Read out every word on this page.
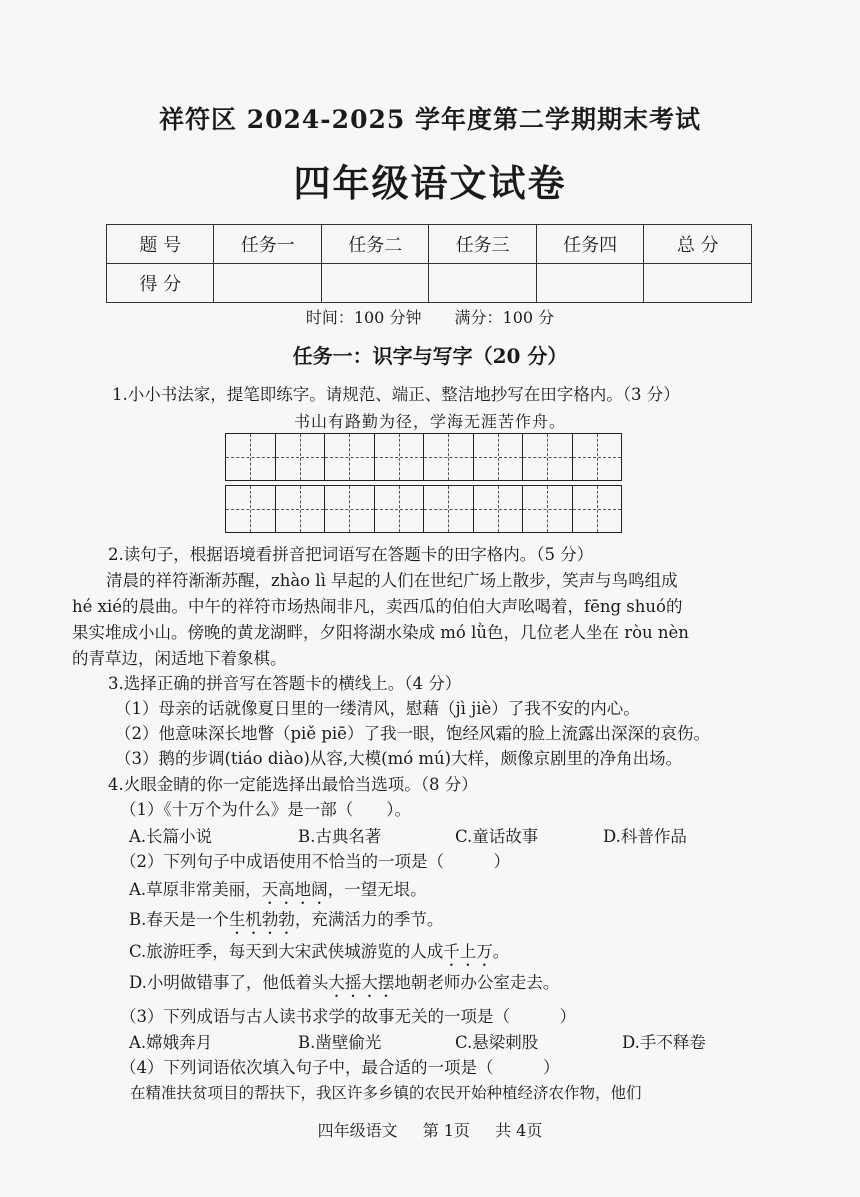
祥符区 2024-2025 学年度第二学期期末考试
四年级语文试卷
题 号	任务一	任务二	任务三	任务四	总 分
得 分					
时间：100 分钟 满分：100 分
任务一：识字与写字（20 分）
1.小小书法家，提笔即练字。请规范、端正、整洁地抄写在田字格内。（3 分）
书山有路勤为径，学海无涯苦作舟。
2.读句子，根据语境看拼音把词语写在答题卡的田字格内。（5 分）
清晨的祥符渐渐苏醒，zhào lì 早起的人们在世纪广场上散步，笑声与鸟鸣组成
hé xié的晨曲。中午的祥符市场热闹非凡，卖西瓜的伯伯大声吆喝着，fēng shuó的
果实堆成小山。傍晚的黄龙湖畔，夕阳将湖水染成 mó lǜ色，几位老人坐在 ròu nèn
的青草边，闲适地下着象棋。
3.选择正确的拼音写在答题卡的横线上。（4 分）
（1）母亲的话就像夏日里的一缕清风，慰藉（jì jiè）了我不安的内心。
（2）他意味深长地瞥（piě piē）了我一眼，饱经风霜的脸上流露出深深的哀伤。
（3）鹅的步调(tiáo diào)从容,大模(mó mú)大样，颇像京剧里的净角出场。
4.火眼金睛的你一定能选择出最恰当选项。（8 分）
（1）《十万个为什么》是一部（　　）。
A.长篇小说	B.古典名著	C.童话故事	D.科普作品
（2）下列句子中成语使用不恰当的一项是（　　　）
A.草原非常美丽，天高地阔，一望无垠。
B.春天是一个生机勃勃，充满活力的季节。
C.旅游旺季，每天到大宋武侠城游览的人成千上万。
D.小明做错事了，他低着头大摇大摆地朝老师办公室走去。
（3）下列成语与古人读书求学的故事无关的一项是（　　　）
A.嫦娥奔月	B.凿壁偷光	C.悬梁刺股	D.手不释卷
（4）下列词语依次填入句子中，最合适的一项是（　　　）
在精准扶贫项目的帮扶下，我区许多乡镇的农民开始种植经济农作物，他们
四年级语文 第 1页 共 4页
